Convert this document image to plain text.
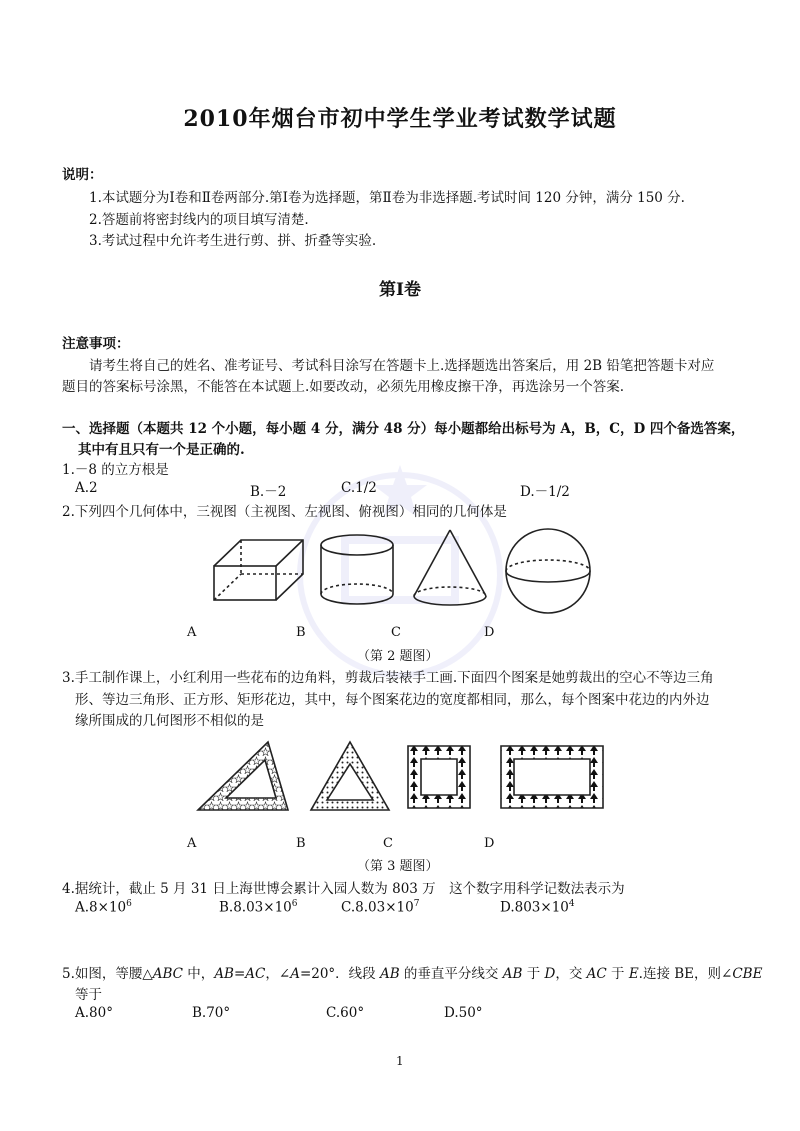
2010年烟台市初中学生学业考试数学试题
说明：
1.本试题分为Ⅰ卷和Ⅱ卷两部分.第Ⅰ卷为选择题，第Ⅱ卷为非选择题.考试时间 120 分钟，满分 150 分.
2.答题前将密封线内的项目填写清楚.
3.考试过程中允许考生进行剪、拼、折叠等实验.
第Ⅰ卷
注意事项：
请考生将自己的姓名、准考证号、考试科目涂写在答题卡上.选择题选出答案后，用 2B 铅笔把答题卡对应
题目的答案标号涂黑，不能答在本试题上.如要改动，必须先用橡皮擦干净，再选涂另一个答案.
一、选择题（本题共 12 个小题，每小题 4 分，满分 48 分）每小题都给出标号为 A，B，C，D 四个备选答案，
其中有且只有一个是正确的.
1.－8 的立方根是
A.2	B.－2	C.1/2	D.－1/2
2.下列四个几何体中，三视图（主视图、左视图、俯视图）相同的几何体是
A	B	C	D
（第 2 题图）
3.手工制作课上，小红利用一些花布的边角料，剪裁后装裱手工画.下面四个图案是她剪裁出的空心不等边三角
形、等边三角形、正方形、矩形花边，其中，每个图案花边的宽度都相同，那么，每个图案中花边的内外边
缘所围成的几何图形不相似的是
A	B	C	D
（第 3 题图）
4.据统计，截止 5 月 31 日上海世博会累计入园人数为 803 万　这个数字用科学记数法表示为
$A.8\times 10^6$	$B.8.03\times 10^6$	$C.8.03\times 10^7$	$D.803\times 10^4$
5.如图，等腰△ABC 中，AB=AC，∠A=20°．线段 AB 的垂直平分线交 AB 于 D，交 AC 于 E.连接 BE，则∠CBE
等于
A.80°	B.70°	C.60°	D.50°
1
